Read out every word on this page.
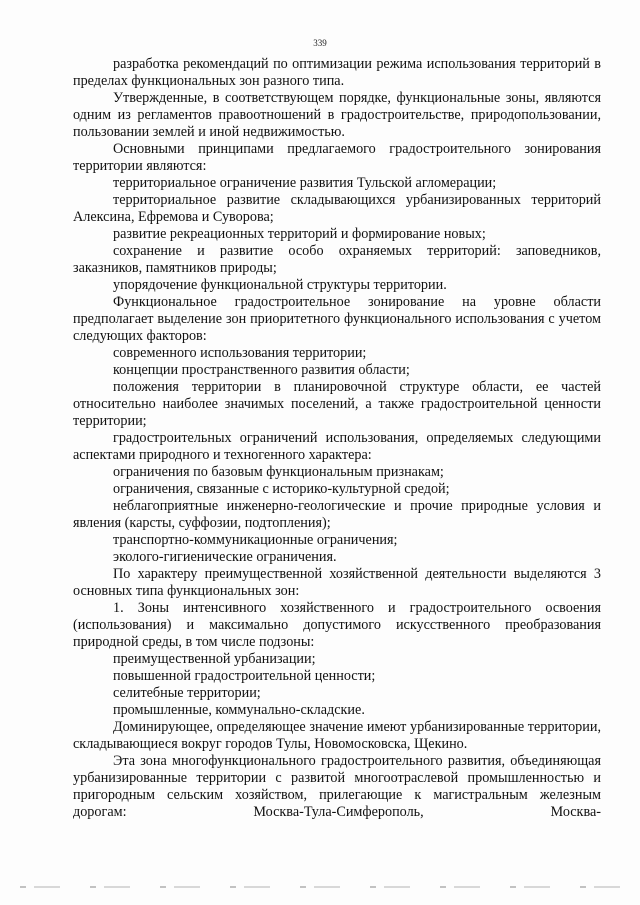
339

разработка рекомендаций по оптимизации режима использования территорий в пределах функциональных зон разного типа.

Утвержденные, в соответствующем порядке, функциональные зоны, являются одним из регламентов правоотношений в градостроительстве, природопользовании, пользовании землей и иной недвижимостью.

Основными принципами предлагаемого градостроительного зонирования территории являются:

территориальное ограничение развития Тульской агломерации;

территориальное развитие складывающихся урбанизированных территорий Алексина, Ефремова и Суворова;

развитие рекреационных территорий и формирование новых;

сохранение и развитие особо охраняемых территорий: заповедников, заказников, памятников природы;

упорядочение функциональной структуры территории.

Функциональное градостроительное зонирование на уровне области предполагает выделение зон приоритетного функционального использования с учетом следующих факторов:

современного использования территории;

концепции пространственного развития области;

положения территории в планировочной структуре области, ее частей относительно наиболее значимых поселений, а также градостроительной ценности территории;

градостроительных ограничений использования, определяемых следующими аспектами природного и техногенного характера:

ограничения по базовым функциональным признакам;

ограничения, связанные с историко-культурной средой;

неблагоприятные инженерно-геологические и прочие природные условия и явления (карсты, суффозии, подтопления);

транспортно-коммуникационные ограничения;

эколого-гигиенические ограничения.

По характеру преимущественной хозяйственной деятельности выделяются 3 основных типа функциональных зон:

1. Зоны интенсивного хозяйственного и градостроительного освоения (использования) и максимально допустимого искусственного преобразования природной среды, в том числе подзоны:

преимущественной урбанизации;

повышенной градостроительной ценности;

селитебные территории;

промышленные, коммунально-складские.

Доминирующее, определяющее значение имеют урбанизированные территории, складывающиеся вокруг городов Тулы, Новомосковска, Щекино.

Эта зона многофункционального градостроительного развития, объединяющая урбанизированные территории с развитой многоотраслевой промышленностью и пригородным сельским хозяйством, прилегающие к магистральным железным дорогам: Москва-Тула-Симферополь, Москва-
